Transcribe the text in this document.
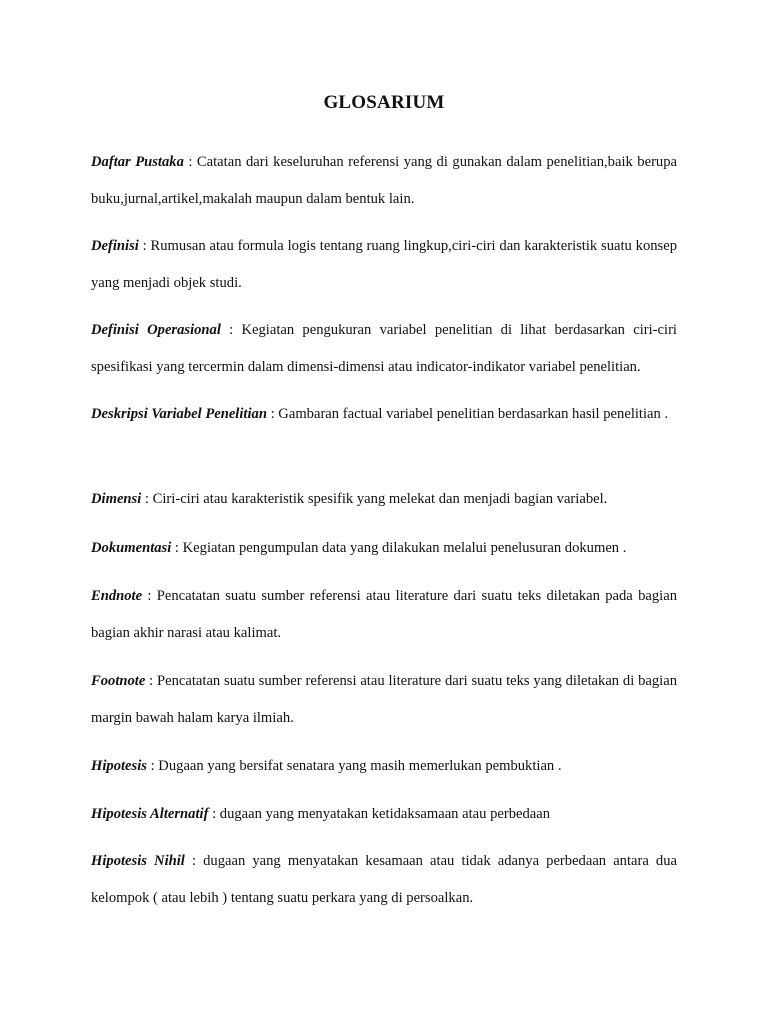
GLOSARIUM

Daftar Pustaka : Catatan dari keseluruhan referensi yang di gunakan dalam penelitian,baik berupa buku,jurnal,artikel,makalah maupun dalam bentuk lain.

Definisi : Rumusan atau formula logis tentang ruang lingkup,ciri-ciri dan karakteristik suatu konsep yang menjadi objek studi.

Definisi Operasional : Kegiatan pengukuran variabel penelitian di lihat berdasarkan ciri-ciri spesifikasi yang tercermin dalam dimensi-dimensi atau indicator-indikator variabel penelitian.

Deskripsi Variabel Penelitian : Gambaran factual variabel penelitian berdasarkan hasil penelitian .

Dimensi : Ciri-ciri atau karakteristik spesifik yang melekat dan menjadi bagian variabel.

Dokumentasi : Kegiatan pengumpulan data yang dilakukan melalui penelusuran dokumen .

Endnote : Pencatatan suatu sumber referensi atau literature dari suatu teks diletakan pada bagian bagian akhir narasi atau kalimat.

Footnote : Pencatatan suatu sumber referensi atau literature dari suatu teks yang diletakan di bagian margin bawah halam karya ilmiah.

Hipotesis : Dugaan yang bersifat senatara yang masih memerlukan pembuktian .

Hipotesis Alternatif : dugaan yang menyatakan ketidaksamaan atau perbedaan

Hipotesis Nihil : dugaan yang menyatakan kesamaan atau tidak adanya perbedaan antara dua kelompok ( atau lebih ) tentang suatu perkara yang di persoalkan.
